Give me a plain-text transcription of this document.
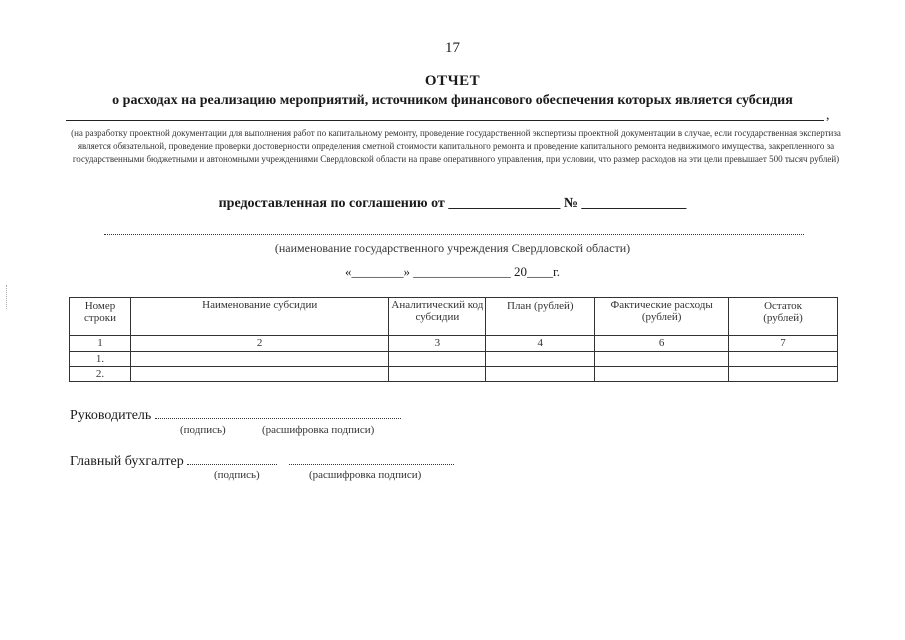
17
ОТЧЕТ
о расходах на реализацию мероприятий, источником финансового обеспечения которых является субсидия
,
(на разработку проектной документации для выполнения работ по капитальному ремонту, проведение государственной экспертизы проектной документации в случае, если государственная экспертиза является обязательной, проведение проверки достоверности определения сметной стоимости капитального ремонта и проведение капитального ремонта недвижимого имущества, закрепленного за государственными бюджетными и автономными учреждениями Свердловской области на праве оперативного управления, при условии, что размер расходов на эти цели превышает 500 тысяч рублей)
предоставленная по соглашению от ________________ № _______________
(наименование государственного учреждения Свердловской области)
«________» _______________ 20____г.
Номер строки	Наименование субсидии	Аналитический код субсидии	План (рублей)	Фактические расходы (рублей)	Остаток (рублей)
1	2	3	4	6	7
1.					
2.					
Руководитель
(подпись)	(расшифровка подписи)
Главный бухгалтер
(подпись)	(расшифровка подписи)
